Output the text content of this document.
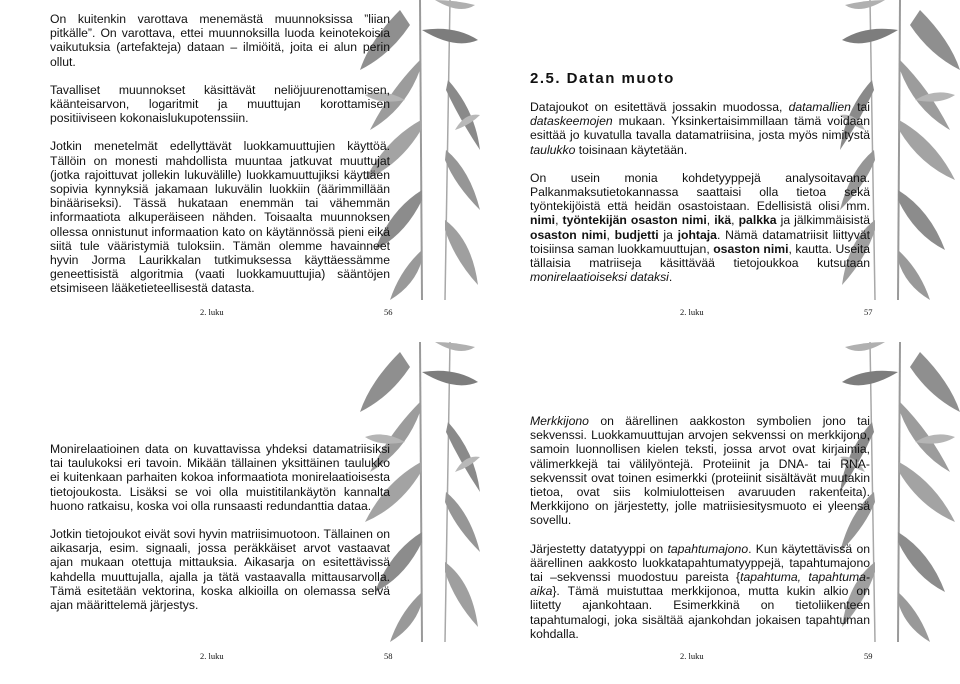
On kuitenkin varottava menemästä muunnoksissa ”liian pitkälle”. On varottava, ettei muunnoksilla luoda keinotekoisia vaikutuksia (artefakteja) dataan – ilmiöitä, joita ei alun perin ollut.

Tavalliset muunnokset käsittävät neliöjuurenottamisen, käänteisarvon, logaritmit ja muuttujan korottamisen positiiviseen kokonaislukupotenssiin.

Jotkin menetelmät edellyttävät luokkamuuttujien käyttöä. Tällöin on monesti mahdollista muuntaa jatkuvat muuttujat (jotka rajoittuvat jollekin lukuvälille) luokkamuuttujiksi käyttäen sopivia kynnyksiä jakamaan lukuvälin luokkiin (äärimmillään binääriseksi). Tässä hukataan enemmän tai vähemmän informaatiota alkuperäiseen nähden. Toisaalta muunnoksen ollessa onnistunut informaation kato on käytännössä pieni eikä siitä tule vääristymiä tuloksiin. Tämän olemme havainneet hyvin Jorma Laurikkalan tutkimuksessa käyttäessämme geneettisistä algoritmia (vaati luokkamuuttujia) sääntöjen etsimiseen lääketieteellisestä datasta.

2. luku	56
2.5. Datan muoto

Datajoukot on esitettävä jossakin muodossa, datamallien tai dataskeemojen mukaan. Yksinkertaisimmillaan tämä voidaan esittää jo kuvatulla tavalla datamatriisina, josta myös nimitystä taulukko toisinaan käytetään.

On usein monia kohdetyyppejä analysoitavana. Palkanmaksutietokannassa saattaisi olla tietoa sekä työntekijöistä että heidän osastoistaan. Edellisistä olisi mm. nimi, työntekijän osaston nimi, ikä, palkka ja jälkimmäisistä osaston nimi, budjetti ja johtaja. Nämä datamatriisit liittyvät toisiinsa saman luokkamuuttujan, osaston nimi, kautta. Useita tällaisia matriiseja käsittävää tietojoukkoa kutsutaan monirelaatioiseksi dataksi.

2. luku	57

Monirelaatioinen data on kuvattavissa yhdeksi datamatriisiksi tai taulukoksi eri tavoin. Mikään tällainen yksittäinen taulukko ei kuitenkaan parhaiten kokoa informaatiota monirelaatioisesta tietojoukosta. Lisäksi se voi olla muistitilankäytön kannalta huono ratkaisu, koska voi olla runsaasti redundanttia dataa.

Jotkin tietojoukot eivät sovi hyvin matriisimuotoon. Tällainen on aikasarja, esim. signaali, jossa peräkkäiset arvot vastaavat ajan mukaan otettuja mittauksia. Aikasarja on esitettävissä kahdella muuttujalla, ajalla ja tätä vastaavalla mittausarvolla. Tämä esitetään vektorina, koska alkioilla on olemassa selvä ajan määrittelemä järjestys.

2. luku	58

Merkkijono on äärellinen aakkoston symbolien jono tai sekvenssi. Luokkamuuttujan arvojen sekvenssi on merkkijono, samoin luonnollisen kielen teksti, jossa arvot ovat kirjaimia, välimerkkejä tai välilyöntejä. Proteiinit ja DNA- tai RNA-sekvenssit ovat toinen esimerkki (proteiinit sisältävät muutakin tietoa, ovat siis kolmiulotteisen avaruuden rakenteita). Merkkijono on järjestetty, jolle matriisiesitysmuoto ei yleensä sovellu.

Järjestetty datatyyppi on tapahtumajono. Kun käytettävissä on äärellinen aakkosto luokkatapahtumatyyppejä, tapahtumajono tai –sekvenssi muodostuu pareista {tapahtuma, tapahtuma-aika}. Tämä muistuttaa merkkijonoa, mutta kukin alkio on liitetty ajankohtaan. Esimerkkinä on tietoliikenteen tapahtumalogi, joka sisältää ajankohdan jokaisen tapahtuman kohdalla.

2. luku	59
